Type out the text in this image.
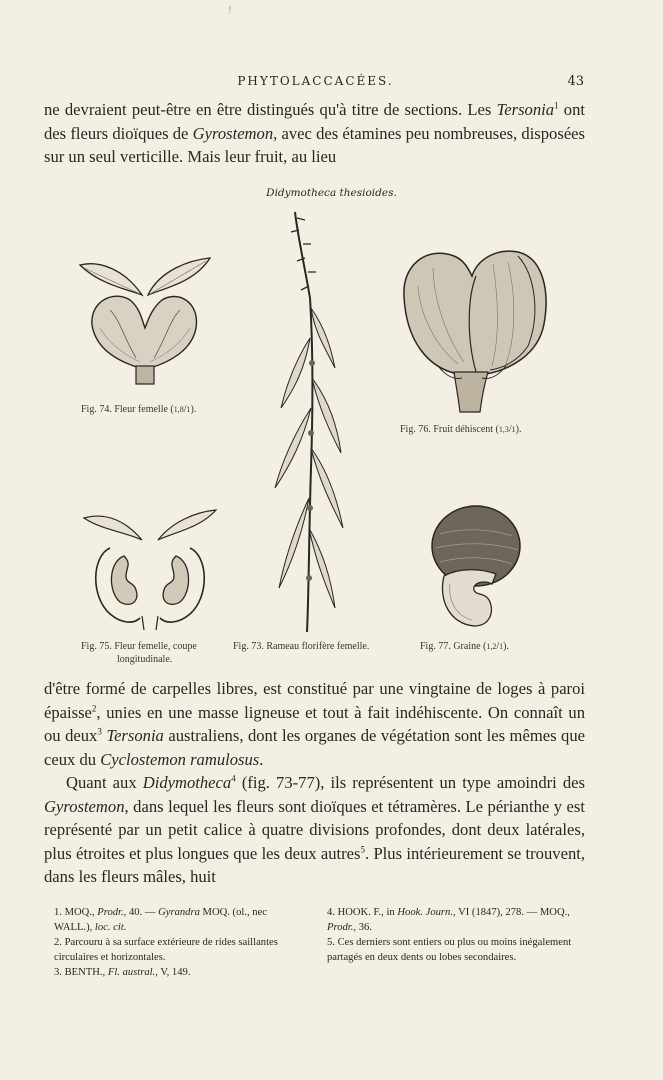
!
PHYTOLACCACÉES.	43

ne devraient peut-être en être distingués qu'à titre de sections. Les Tersonia$^1$ ont des fleurs dioïques de Gyrostemon, avec des étamines peu nombreuses, disposées sur un seul verticille. Mais leur fruit, au lieu

Didymotheca thesioides.
Fig. 74. Fleur femelle (1,8/1).
Fig. 76. Fruit déhiscent (1,3/1).
Fig. 75. Fleur femelle, coupe
longitudinale.
Fig. 73. Rameau florifère femelle.	Fig. 77. Graine (1,2/1).

d'être formé de carpelles libres, est constitué par une vingtaine de loges à paroi épaisse$^2$, unies en une masse ligneuse et tout à fait indéhiscente. On connaît un ou deux$^3$ Tersonia australiens, dont les organes de végétation sont les mêmes que ceux du Cyclostemon ramulosus.

Quant aux Didymotheca$^4$ (fig. 73-77), ils représentent un type amoindri des Gyrostemon, dans lequel les fleurs sont dioïques et tétramères. Le périanthe y est représenté par un petit calice à quatre divisions profondes, dont deux latérales, plus étroites et plus longues que les deux autres$^5$. Plus intérieurement se trouvent, dans les fleurs mâles, huit

1. MOQ., Prodr., 40. — Gyrandra MOQ. (ol., nec WALL.), loc. cit.

2. Parcouru à sa surface extérieure de rides saillantes circulaires et horizontales.

3. BENTH., Fl. austral., V, 149.

4. HOOK. F., in Hook. Journ., VI (1847), 278. — MOQ., Prodr., 36.

5. Ces derniers sont entiers ou plus ou moins inégalement partagés en deux dents ou lobes secondaires.
